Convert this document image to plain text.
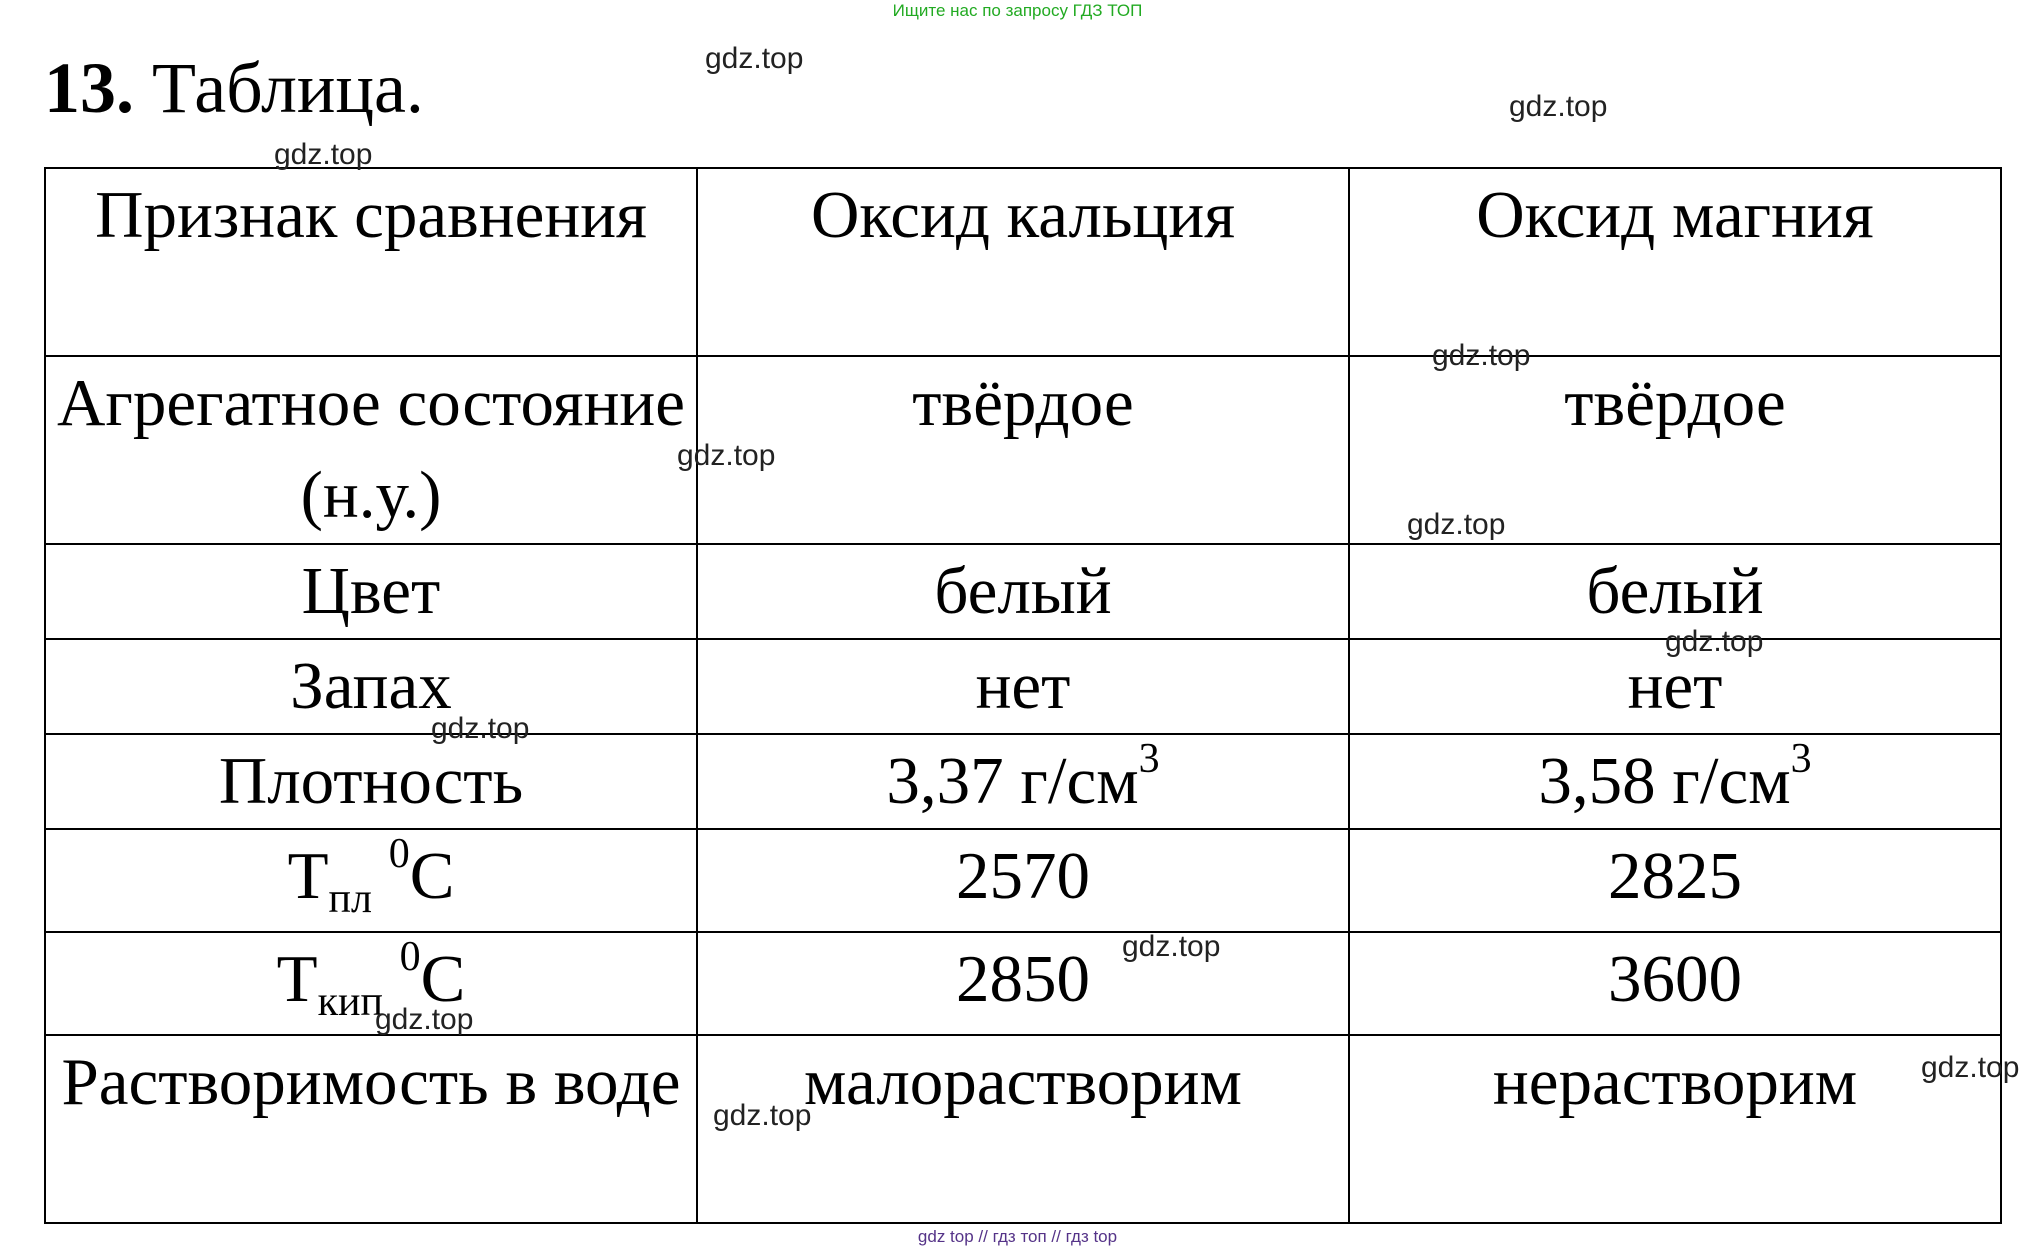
Ищите нас по запросу ГДЗ ТОП
13. Таблица.
Признак сравнения	Оксид кальция	Оксид магния
Агрегатное состояние (н.у.)	твёрдое	твёрдое
Цвет	белый	белый
Запах	нет	нет
Плотность	3,37 $г/см^3$	3,58 $г/см^3$
$Т_{пл}$ $^0$С	2570	2825
$Т_{кип}$ $^0$С	2850	3600
Растворимость в воде	малорастворим	нерастворим
gdz.top
gdz.top
gdz.top
gdz.top
gdz.top
gdz.top
gdz.top
gdz.top
gdz.top
gdz.top
gdz.top
gdz.top
gdz top // гдз топ // гдз top
